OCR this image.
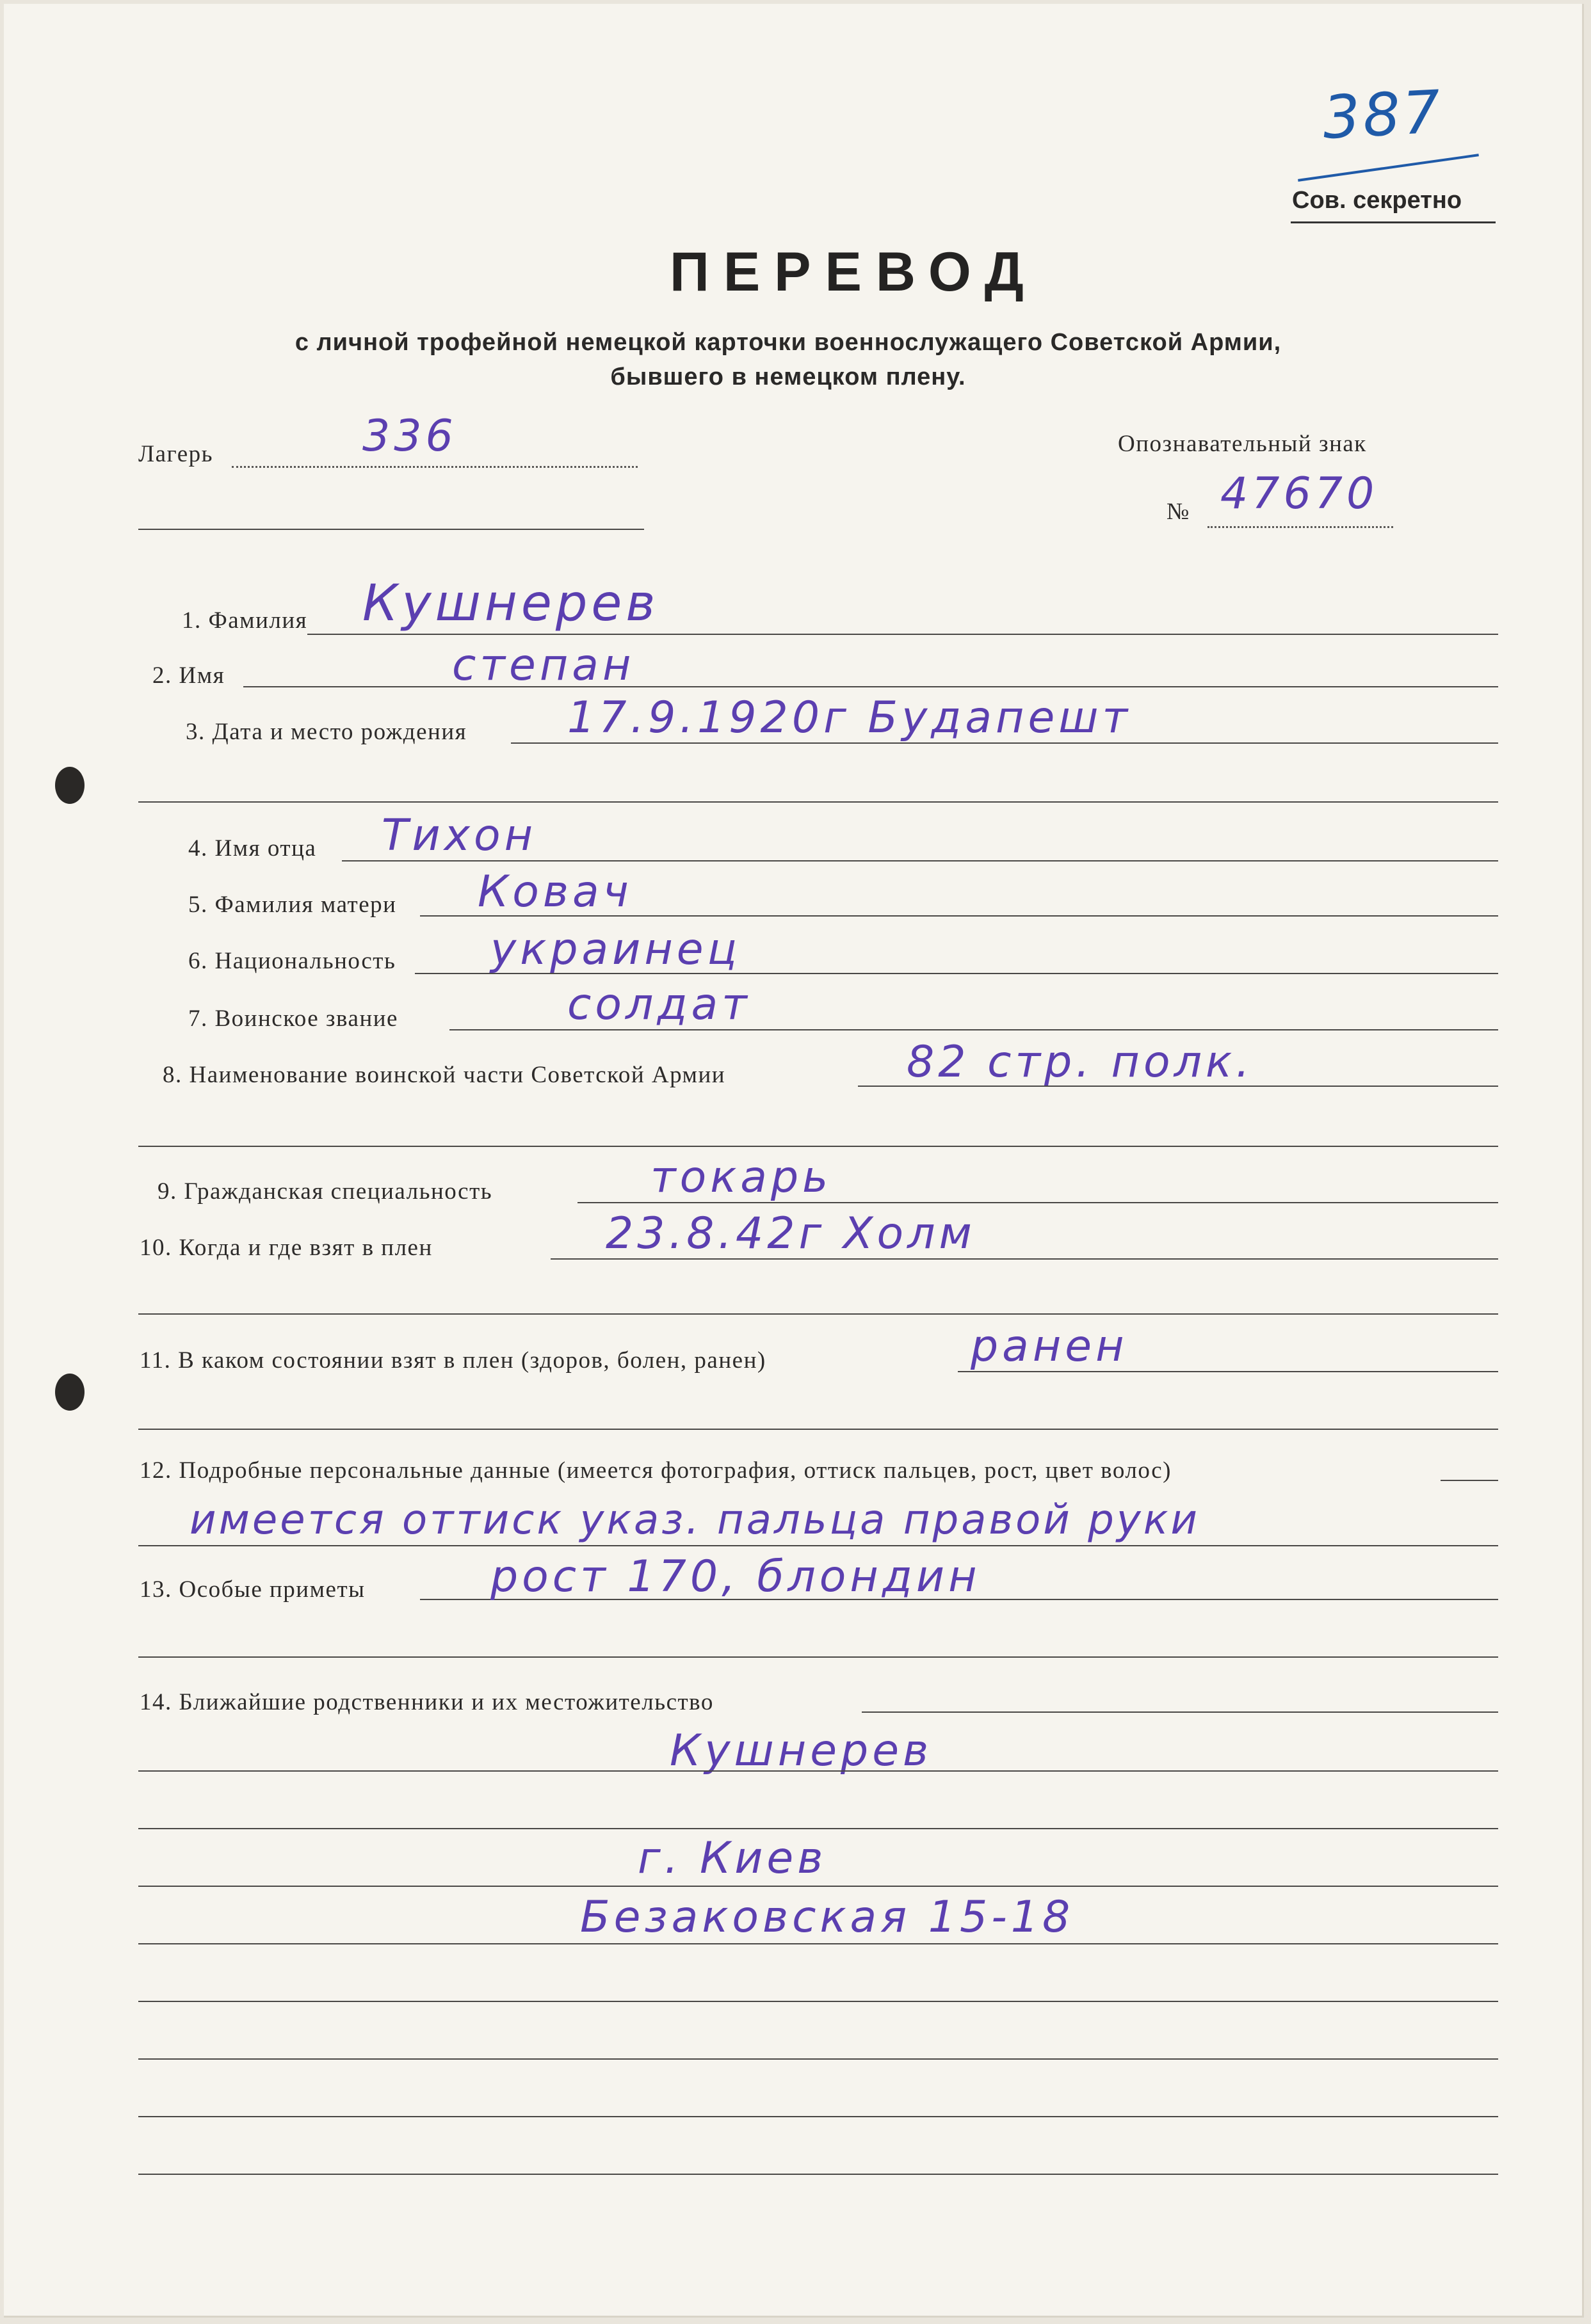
387
Сов. секретно
ПЕРЕВОД
с личной трофейной немецкой карточки военнослужащего Советской Армии,
бывшего в немецком плену.
Лагерь	336	Опознавательный знак
№ 47670
1. Фамилия Кушнерев
2. Имя	степан
3. Дата и место рождения 17.9.1920г Будапешт
4. Имя отца Тихон
5. Фамилия матери Ковач
6. Национальность украинец
7. Воинское звание	солдат
8. Наименование воинской части Советской Армии	82 стр. полк.
9. Гражданская специальность	токарь
10. Когда и где взят в плен	23.8.42г Холм
11. В каком состоянии взят в плен (здоров, болен, ранен)	ранен
12. Подробные персональные данные (имеется фотография, оттиск пальцев, рост, цвет волос)
имеется оттиск указ. пальца правой руки
13. Особые приметы	рост 170, блондин
14. Ближайшие родственники и их местожительство
Кушнерев
г. Киев
Безаковская 15-18
